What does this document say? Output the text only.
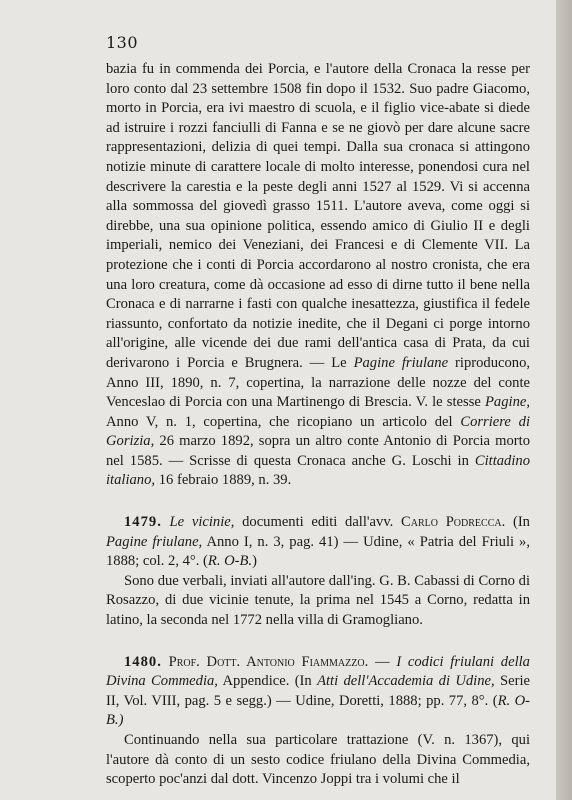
130

bazia fu in commenda dei Porcia, e l'autore della Cronaca la resse per loro conto dal 23 settembre 1508 fin dopo il 1532. Suo padre Giacomo, morto in Porcia, era ivi maestro di scuola, e il figlio vice-abate si diede ad istruire i rozzi fanciulli di Fanna e se ne giovò per dare alcune sacre rappresentazioni, delizia di quei tempi. Dalla sua cronaca si attingono notizie minute di carattere locale di molto interesse, ponendosi cura nel descrivere la carestia e la peste degli anni 1527 al 1529. Vi si accenna alla sommossa del giovedì grasso 1511. L'autore aveva, come oggi si direbbe, una sua opinione politica, essendo amico di Giulio II e degli imperiali, nemico dei Veneziani, dei Francesi e di Clemente VII. La protezione che i conti di Porcia accordarono al nostro cronista, che era una loro creatura, come dà occasione ad esso di dirne tutto il bene nella Cronaca e di narrarne i fasti con qualche inesattezza, giustifica il fedele riassunto, confortato da notizie inedite, che il Degani ci porge intorno all'origine, alle vicende dei due rami dell'antica casa di Prata, da cui derivarono i Porcia e Brugnera. — Le Pagine friulane riproducono, Anno III, 1890, n. 7, copertina, la narrazione delle nozze del conte Venceslao di Porcia con una Martinengo di Brescia. V. le stesse Pagine, Anno V, n. 1, copertina, che ricopiano un articolo del Corriere di Gorizia, 26 marzo 1892, sopra un altro conte Antonio di Porcia morto nel 1585. — Scrisse di questa Cronaca anche G. Loschi in Cittadino italiano, 16 febraio 1889, n. 39.

1479. Le vicinie, documenti editi dall'avv. Carlo Podrecca. (In Pagine friulane, Anno I, n. 3, pag. 41) — Udine, « Patria del Friuli », 1888; col. 2, 4°. (R. O-B.)

Sono due verbali, inviati all'autore dall'ing. G. B. Cabassi di Corno di Rosazzo, di due vicinie tenute, la prima nel 1545 a Corno, redatta in latino, la seconda nel 1772 nella villa di Gramogliano.

1480. Prof. Dott. Antonio Fiammazzo. — I codici friulani della Divina Commedia, Appendice. (In Atti dell'Accademia di Udine, Serie II, Vol. VIII, pag. 5 e segg.) — Udine, Doretti, 1888; pp. 77, 8°. (R. O-B.)

Continuando nella sua particolare trattazione (V. n. 1367), qui l'autore dà conto di un sesto codice friulano della Divina Commedia, scoperto poc'anzi dal dott. Vincenzo Joppi tra i volumi che il
